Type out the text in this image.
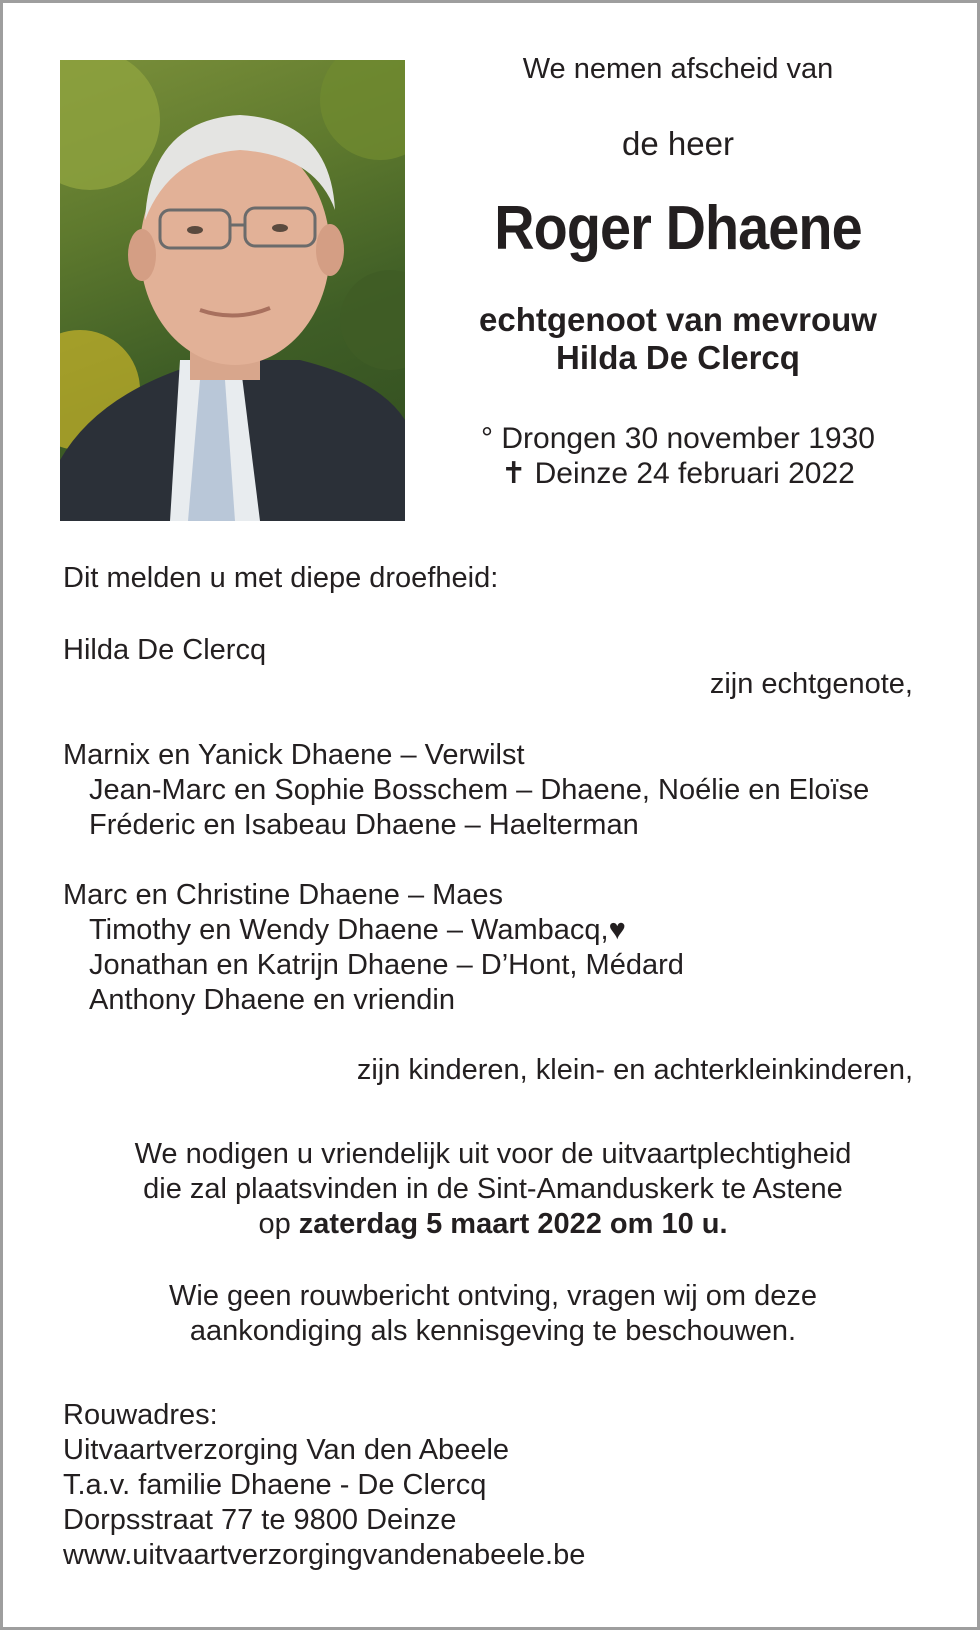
We nemen afscheid van
de heer
Roger Dhaene
echtgenoot van mevrouw
Hilda De Clercq
° Drongen 30 november 1930
✝ Deinze 24 februari 2022
Dit melden u met diepe droefheid:
Hilda De Clercq
zijn echtgenote,
Marnix en Yanick Dhaene – Verwilst
Jean-Marc en Sophie Bosschem – Dhaene, Noélie en Eloïse
Fréderic en Isabeau Dhaene – Haelterman
Marc en Christine Dhaene – Maes
Timothy en Wendy Dhaene – Wambacq,♥
Jonathan en Katrijn Dhaene – D’Hont, Médard
Anthony Dhaene en vriendin
zijn kinderen, klein- en achterkleinkinderen,
We nodigen u vriendelijk uit voor de uitvaartplechtigheid
die zal plaatsvinden in de Sint-Amanduskerk te Astene
op zaterdag 5 maart 2022 om 10 u.
Wie geen rouwbericht ontving, vragen wij om deze
aankondiging als kennisgeving te beschouwen.
Rouwadres:
Uitvaartverzorging Van den Abeele
T.a.v. familie Dhaene - De Clercq
Dorpsstraat 77 te 9800 Deinze
www.uitvaartverzorgingvandenabeele.be
